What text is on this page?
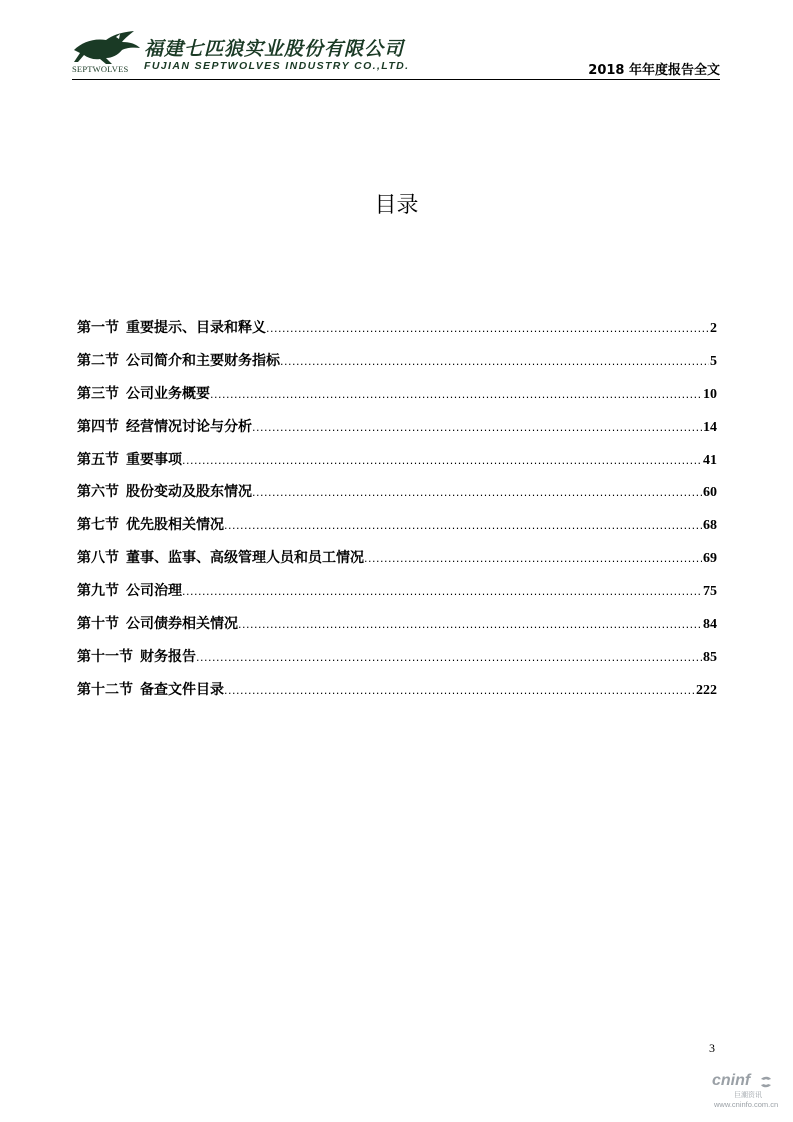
SEPTWOLVES
福建七匹狼实业股份有限公司
FUJIAN SEPTWOLVES INDUSTRY CO.,LTD.	2018 年年度报告全文
目录
第一节 重要提示、目录和释义 .....	2
第二节 公司简介和主要财务指标 .....	5
第三节 公司业务概要 .....	10
第四节 经营情况讨论与分析 .....	14
第五节 重要事项 .....	41
第六节 股份变动及股东情况 .....	60
第七节 优先股相关情况 .....	68
第八节 董事、监事、高级管理人员和员工情况 .....	69
第九节 公司治理 .....	75
第十节 公司债券相关情况 .....	84
第十一节 财务报告 .....	85
第十二节 备查文件目录 .....	222
3
cninf
巨潮资讯
www.cninfo.com.cn
